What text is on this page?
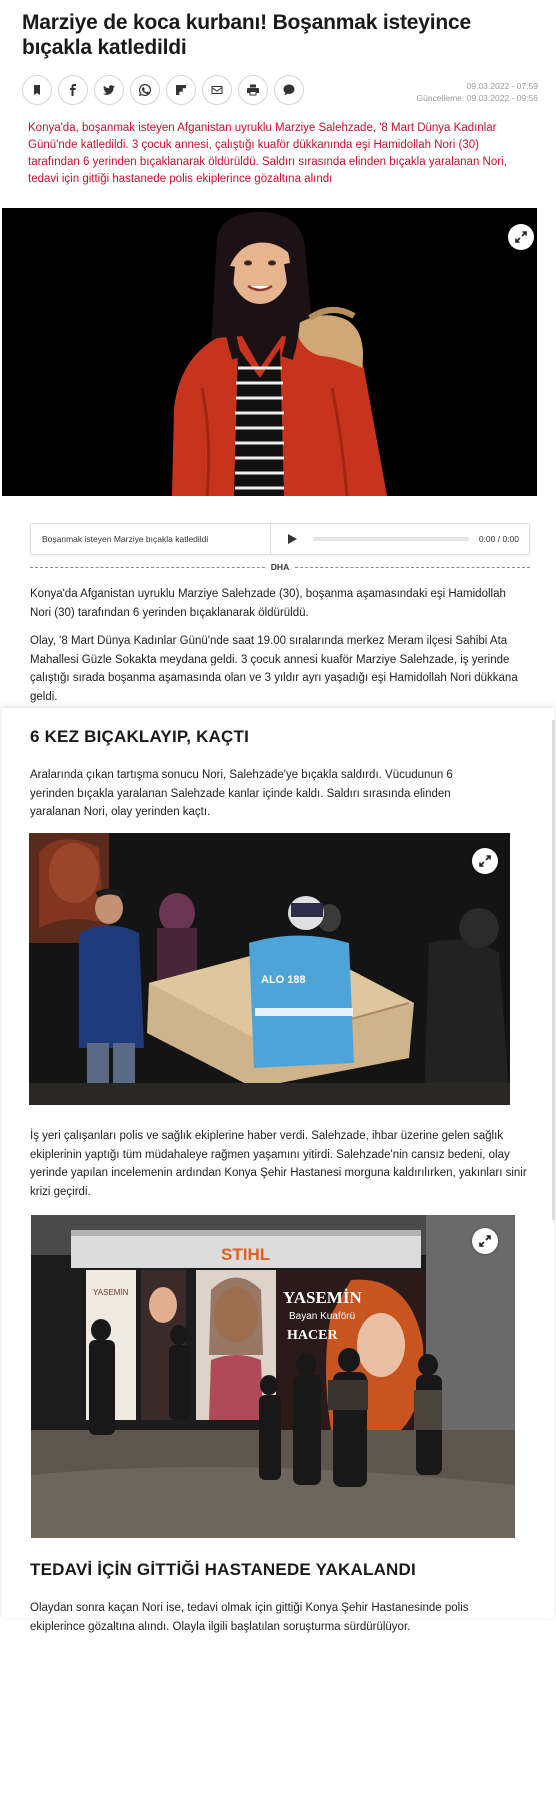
Marziye de koca kurbanı! Boşanmak isteyince bıçakla katledildi
09.03.2022 - 07:59
Güncelleme: 09.03.2022 - 09:56

Konya'da, boşanmak isteyen Afganistan uyruklu Marziye Salehzade, '8 Mart Dünya Kadınlar Günü'nde katledildi. 3 çocuk annesi, çalıştığı kuaför dükkanında eşi Hamidollah Nori (30) tarafından 6 yerinden bıçaklanarak öldürüldü. Saldırı sırasında elinden bıçakla yaralanan Nori, tedavi için gittiği hastanede polis ekiplerince gözaltına alındı

Boşanmak isteyen Marziye bıçakla katledildi	0:00 / 0:00
DHA

Konya'da Afganistan uyruklu Marziye Salehzade (30), boşanma aşamasındaki eşi Hamidollah Nori (30) tarafından 6 yerinden bıçaklanarak öldürüldü.

Olay, '8 Mart Dünya Kadınlar Günü'nde saat 19.00 sıralarında merkez Meram ilçesi Sahibi Ata Mahallesi Güzle Sokakta meydana geldi. 3 çocuk annesi kuaför Marziye Salehzade, iş yerinde çalıştığı sırada boşanma aşamasında olan ve 3 yıldır ayrı yaşadığı eşi Hamidollah Nori dükkana geldi.

6 KEZ BIÇAKLAYIP, KAÇTI

Aralarında çıkan tartışma sonucu Nori, Salehzade'ye bıçakla saldırdı. Vücudunun 6 yerinden bıçakla yaralanan Salehzade kanlar içinde kaldı. Saldırı sırasında elinden yaralanan Nori, olay yerinden kaçtı.

ALO 188

İş yeri çalışanları polis ve sağlık ekiplerine haber verdi. Salehzade, ihbar üzerine gelen sağlık ekiplerinin yaptığı tüm müdahaleye rağmen yaşamını yitirdi. Salehzade'nin cansız bedeni, olay yerinde yapılan incelemenin ardından Konya Şehir Hastanesi morguna kaldırılırken, yakınları sinir krizi geçirdi.

STIHL
YASEMİN
Bayan Kuaförü
HACER
YASEMİN
TEDAVİ İÇİN GİTTİĞİ HASTANEDE YAKALANDI

Olaydan sonra kaçan Nori ise, tedavi olmak için gittiği Konya Şehir Hastanesinde polis ekiplerince gözaltına alındı. Olayla ilgili başlatılan soruşturma sürdürülüyor.
